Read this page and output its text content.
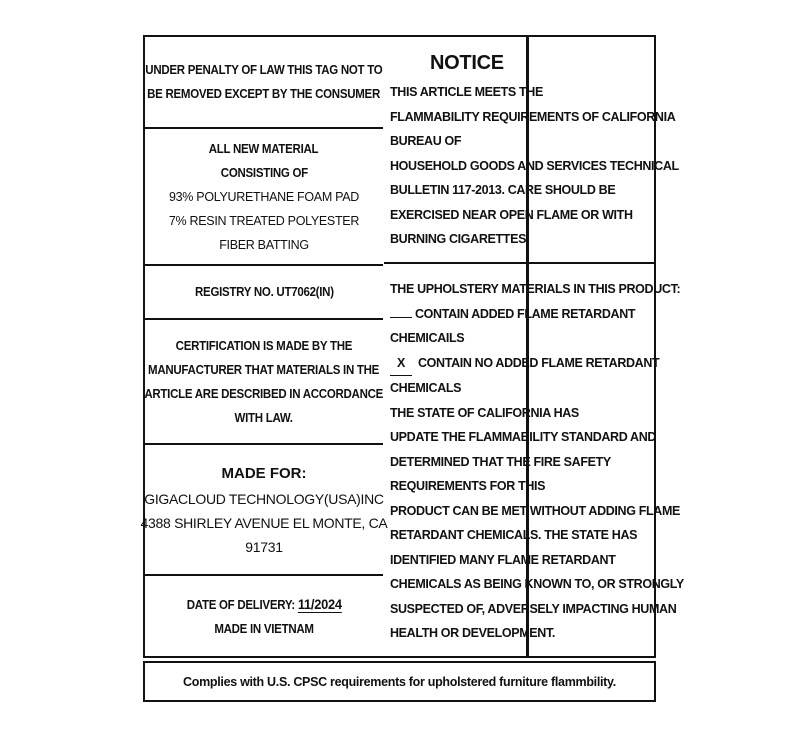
UNDER PENALTY OF LAW THIS TAG NOT TO
BE REMOVED EXCEPT BY THE CONSUMER
ALL NEW MATERIAL
CONSISTING OF
93% POLYURETHANE FOAM PAD
7% RESIN TREATED POLYESTER
FIBER BATTING
REGISTRY NO. UT7062(IN)
CERTIFICATION IS MADE BY THE
MANUFACTURER THAT MATERIALS IN THE
ARTICLE ARE DESCRIBED IN ACCORDANCE
WITH LAW.
MADE FOR:
GIGACLOUD TECHNOLOGY(USA)INC
4388 SHIRLEY AVENUE EL MONTE, CA
91731
DATE OF DELIVERY: 11/2024
MADE IN VIETNAM
NOTICE
THIS ARTICLE MEETS THE
FLAMMABILITY REQUIREMENTS OF CALIFORNIA
BUREAU OF
HOUSEHOLD GOODS AND SERVICES TECHNICAL
BULLETIN 117-2013. CARE SHOULD BE
EXERCISED NEAR OPEN FLAME OR WITH
BURNING CIGARETTES.
THE UPHOLSTERY MATERIALS IN THIS PRODUCT:
CONTAIN ADDED FLAME RETARDANT
CHEMICAILS
X CONTAIN NO ADDED FLAME RETARDANT
CHEMICALS
THE STATE OF CALIFORNIA HAS
UPDATE THE FLAMMABILITY STANDARD AND
DETERMINED THAT THE FIRE SAFETY
REQUIREMENTS FOR THIS
PRODUCT CAN BE MET WITHOUT ADDING FLAME
RETARDANT CHEMICALS. THE STATE HAS
IDENTIFIED MANY FLAME RETARDANT
CHEMICALS AS BEING KNOWN TO, OR STRONGLY
SUSPECTED OF, ADVERSELY IMPACTING HUMAN
HEALTH OR DEVELOPMENT.
Complies with U.S. CPSC requirements for upholstered furniture flammbility.
